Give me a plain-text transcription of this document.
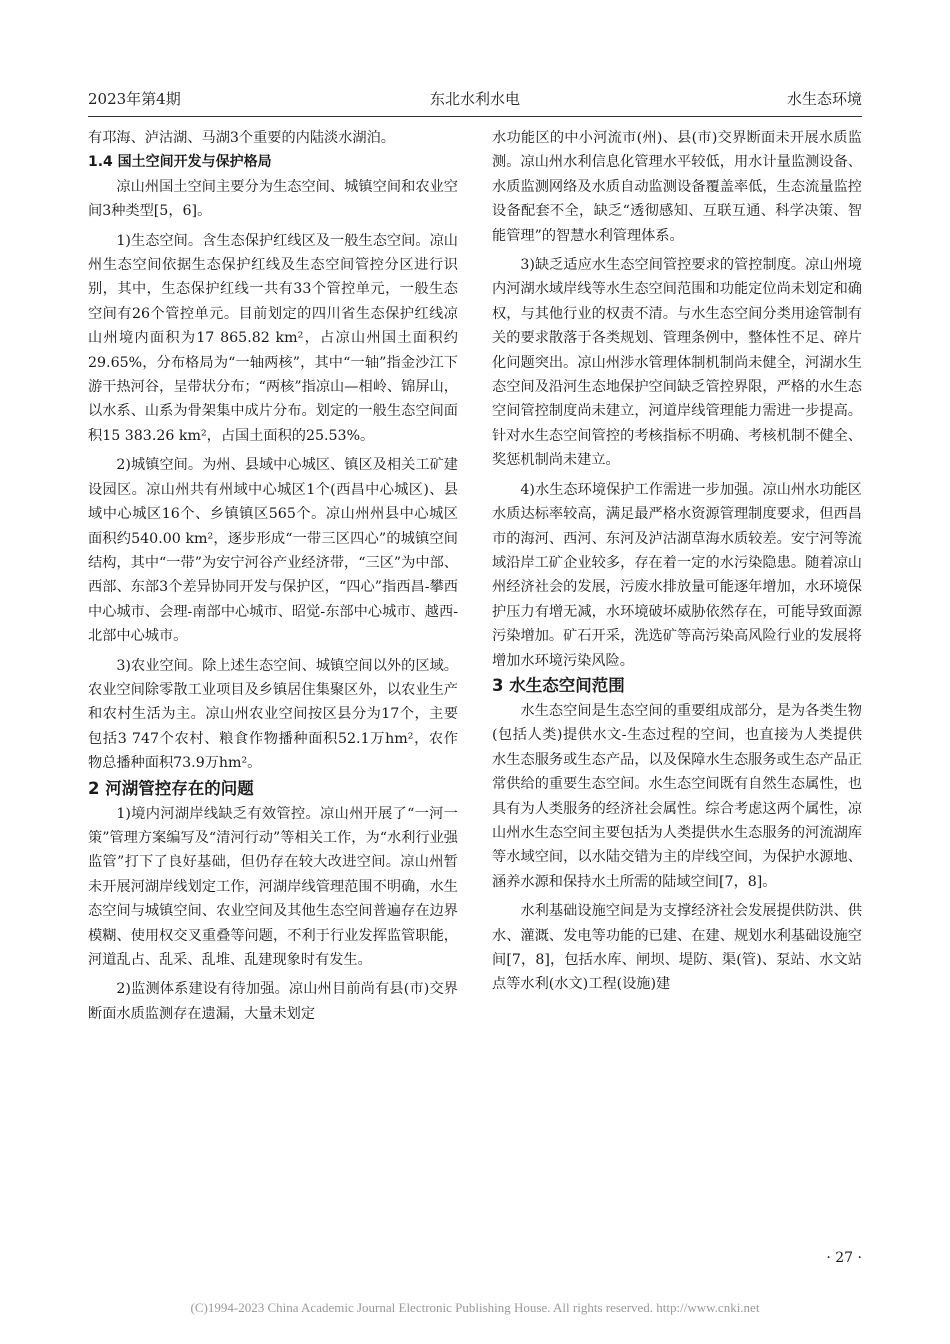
2023年第4期	东北水利水电	水生态环境

有邛海、泸沽湖、马湖3个重要的内陆淡水湖泊。

1.4 国土空间开发与保护格局

凉山州国土空间主要分为生态空间、城镇空间和农业空间3种类型[5，6]。

1)生态空间。含生态保护红线区及一般生态空间。凉山州生态空间依据生态保护红线及生态空间管控分区进行识别，其中，生态保护红线一共有33个管控单元，一般生态空间有26个管控单元。目前划定的四川省生态保护红线凉山州境内面积为17 865.82 km²，占凉山州国土面积约29.65%，分布格局为“一轴两核”，其中“一轴”指金沙江下游干热河谷，呈带状分布；“两核”指凉山—相岭、锦屏山，以水系、山系为骨架集中成片分布。划定的一般生态空间面积15 383.26 km²，占国土面积的25.53%。

2)城镇空间。为州、县域中心城区、镇区及相关工矿建设园区。凉山州共有州域中心城区1个(西昌中心城区)、县域中心城区16个、乡镇镇区565个。凉山州州县中心城区面积约540.00 km²，逐步形成“一带三区四心”的城镇空间结构，其中“一带”为安宁河谷产业经济带，“三区”为中部、西部、东部3个差异协同开发与保护区，“四心”指西昌-攀西中心城市、会理-南部中心城市、昭觉-东部中心城市、越西-北部中心城市。

3)农业空间。除上述生态空间、城镇空间以外的区域。农业空间除零散工业项目及乡镇居住集聚区外，以农业生产和农村生活为主。凉山州农业空间按区县分为17个，主要包括3 747个农村、粮食作物播种面积52.1万hm²，农作物总播种面积73.9万hm²。

2 河湖管控存在的问题

1)境内河湖岸线缺乏有效管控。凉山州开展了“一河一策”管理方案编写及“清河行动”等相关工作，为“水利行业强监管”打下了良好基础，但仍存在较大改进空间。凉山州暂未开展河湖岸线划定工作，河湖岸线管理范围不明确，水生态空间与城镇空间、农业空间及其他生态空间普遍存在边界模糊、使用权交叉重叠等问题，不利于行业发挥监管职能，河道乱占、乱采、乱堆、乱建现象时有发生。

2)监测体系建设有待加强。凉山州目前尚有县(市)交界断面水质监测存在遗漏，大量未划定

水功能区的中小河流市(州)、县(市)交界断面未开展水质监测。凉山州水利信息化管理水平较低，用水计量监测设备、水质监测网络及水质自动监测设备覆盖率低，生态流量监控设备配套不全，缺乏“透彻感知、互联互通、科学决策、智能管理”的智慧水利管理体系。

3)缺乏适应水生态空间管控要求的管控制度。凉山州境内河湖水域岸线等水生态空间范围和功能定位尚未划定和确权，与其他行业的权责不清。与水生态空间分类用途管制有关的要求散落于各类规划、管理条例中，整体性不足、碎片化问题突出。凉山州涉水管理体制机制尚未健全，河湖水生态空间及沿河生态地保护空间缺乏管控界限，严格的水生态空间管控制度尚未建立，河道岸线管理能力需进一步提高。针对水生态空间管控的考核指标不明确、考核机制不健全、奖惩机制尚未建立。

4)水生态环境保护工作需进一步加强。凉山州水功能区水质达标率较高，满足最严格水资源管理制度要求，但西昌市的海河、西河、东河及泸沽湖草海水质较差。安宁河等流域沿岸工矿企业较多，存在着一定的水污染隐患。随着凉山州经济社会的发展，污废水排放量可能逐年增加，水环境保护压力有增无减，水环境破坏威胁依然存在，可能导致面源污染增加。矿石开采，洗选矿等高污染高风险行业的发展将增加水环境污染风险。

3 水生态空间范围

水生态空间是生态空间的重要组成部分，是为各类生物(包括人类)提供水文-生态过程的空间，也直接为人类提供水生态服务或生态产品，以及保障水生态服务或生态产品正常供给的重要生态空间。水生态空间既有自然生态属性，也具有为人类服务的经济社会属性。综合考虑这两个属性，凉山州水生态空间主要包括为人类提供水生态服务的河流湖库等水域空间，以水陆交错为主的岸线空间，为保护水源地、涵养水源和保持水土所需的陆域空间[7，8]。

水利基础设施空间是为支撑经济社会发展提供防洪、供水、灌溉、发电等功能的已建、在建、规划水利基础设施空间[7，8]，包括水库、闸坝、堤防、渠(管)、泵站、水文站点等水利(水文)工程(设施)建

· 27 ·
(C)1994-2023 China Academic Journal Electronic Publishing House. All rights reserved. http://www.cnki.net
